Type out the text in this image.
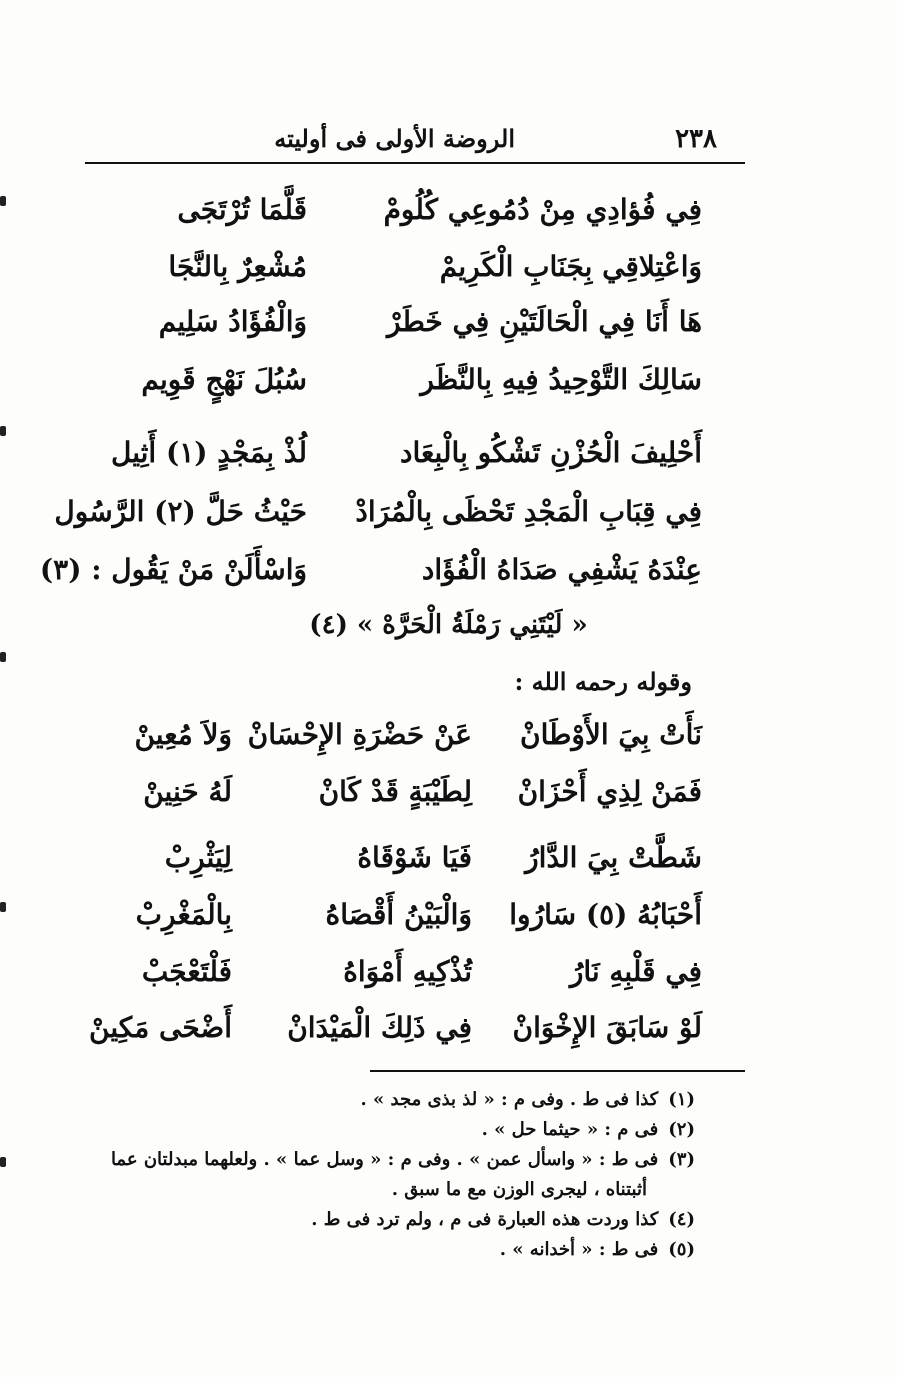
٢٣٨
الروضة الأولى فى أوليته
فِي فُؤادِي مِنْ دُمُوعِي كُلُومْ
قَلَّمَا تُرْتَجَى
وَاعْتِلاقِي بِجَنَابِ الْكَرِيمْ
مُشْعِرٌ بِالنَّجَا
هَا أَنَا فِي الْحَالَتَيْنِ فِي خَطَرْ
وَالْفُؤَادُ سَلِيم
سَالِكَ التَّوْحِيدُ فِيهِ بِالنَّظَر
سُبُلَ نَهْجٍ قَوِيم
أَحْلِيفَ الْحُزْنِ تَشْكُو بِالْبِعَاد
لُذْ بِمَجْدٍ (١) أَثِيل
فِي قِبَابِ الْمَجْدِ تَحْظَى بِالْمُرَادْ
حَيْثُ حَلَّ (٢) الرَّسُول
عِنْدَهُ يَشْفِي صَدَاهُ الْفُؤَاد
وَاسْأَلَنْ مَنْ يَقُول : (٣)
« لَيْتَنِي رَمْلَةُ الْحَرَّهْ » (٤)
وقوله رحمه الله :
نَأَتْ بِيَ الأَوْطَانْ
عَنْ حَضْرَةِ الإِحْسَانْ
وَلاَ مُعِينْ
فَمَنْ لِذِي أَحْزَانْ
لِطَيْبَةٍ قَدْ كَانْ
لَهُ حَنِينْ
شَطَّتْ بِيَ الدَّارُ
فَيَا شَوْقَاهُ
لِيَثْرِبْ
أَحْبَابُهُ (٥) سَارُوا
وَالْبَيْنُ أَقْصَاهُ
بِالْمَغْرِبْ
فِي قَلْبِهِ نَارُ
تُذْكِيهِ أَمْوَاهُ
فَلْتَعْجَبْ
لَوْ سَابَقَ الإِخْوَانْ
فِي ذَلِكَ الْمَيْدَانْ
أَضْحَى مَكِينْ

(١)كذا فى ط . وفى م : « لذ بذى مجد » .

(٢)فى م : « حيثما حل » .

(٣)فى ط : « واسأل عمن » . وفى م : « وسل عما » . ولعلهما مبدلتان عما

أثبتناه ، ليجرى الوزن مع ما سبق .

(٤)كذا وردت هذه العبارة فى م ، ولم ترد فى ط .

(٥)فى ط : « أخدانه » .
